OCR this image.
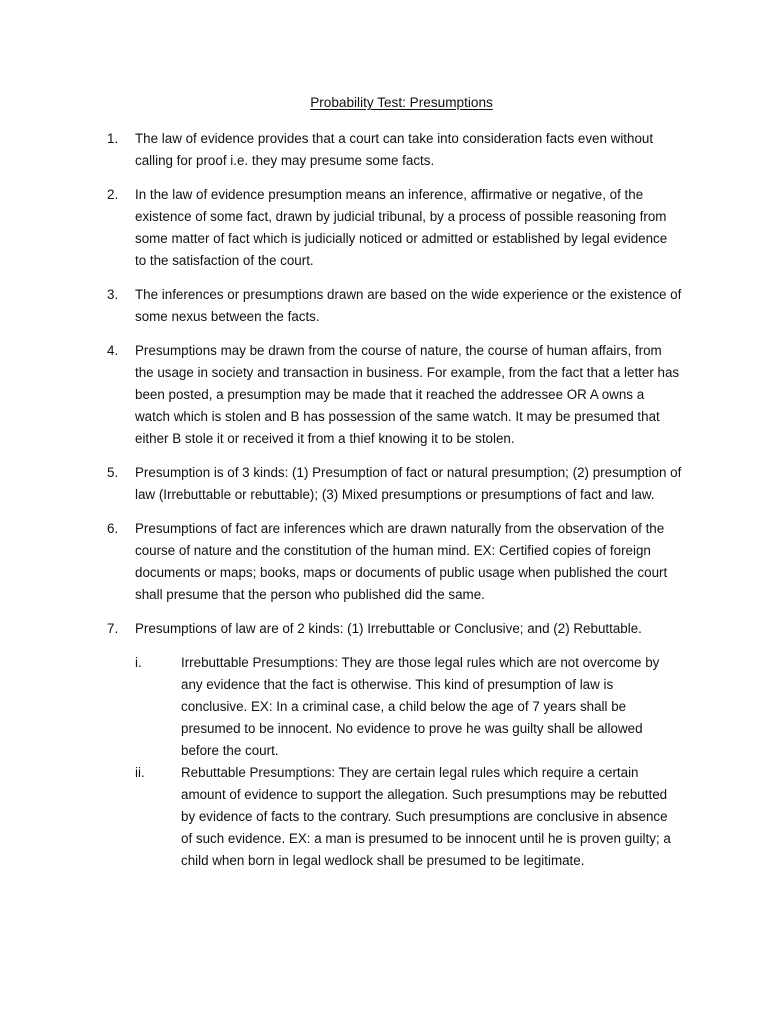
Probability Test: Presumptions
1.	The law of evidence provides that a court can take into consideration facts even without calling for proof i.e. they may presume some facts.
2.	In the law of evidence presumption means an inference, affirmative or negative, of the existence of some fact, drawn by judicial tribunal, by a process of possible reasoning from some matter of fact which is judicially noticed or admitted or established by legal evidence to the satisfaction of the court.
3.	The inferences or presumptions drawn are based on the wide experience or the existence of some nexus between the facts.
4.	Presumptions may be drawn from the course of nature, the course of human affairs, from the usage in society and transaction in business. For example, from the fact that a letter has been posted, a presumption may be made that it reached the addressee OR A owns a watch which is stolen and B has possession of the same watch. It may be presumed that either B stole it or received it from a thief knowing it to be stolen.
5.	Presumption is of 3 kinds: (1) Presumption of fact or natural presumption; (2) presumption of law (Irrebuttable or rebuttable); (3) Mixed presumptions or presumptions of fact and law.
6.	Presumptions of fact are inferences which are drawn naturally from the observation of the course of nature and the constitution of the human mind. EX: Certified copies of foreign documents or maps; books, maps or documents of public usage when published the court shall presume that the person who published did the same.
7.	Presumptions of law are of 2 kinds: (1) Irrebuttable or Conclusive; and (2) Rebuttable.
i.	Irrebuttable Presumptions: They are those legal rules which are not overcome by any evidence that the fact is otherwise. This kind of presumption of law is conclusive. EX: In a criminal case, a child below the age of 7 years shall be presumed to be innocent. No evidence to prove he was guilty shall be allowed before the court.
ii.	Rebuttable Presumptions: They are certain legal rules which require a certain amount of evidence to support the allegation. Such presumptions may be rebutted by evidence of facts to the contrary. Such presumptions are conclusive in absence of such evidence. EX: a man is presumed to be innocent until he is proven guilty; a child when born in legal wedlock shall be presumed to be legitimate.
